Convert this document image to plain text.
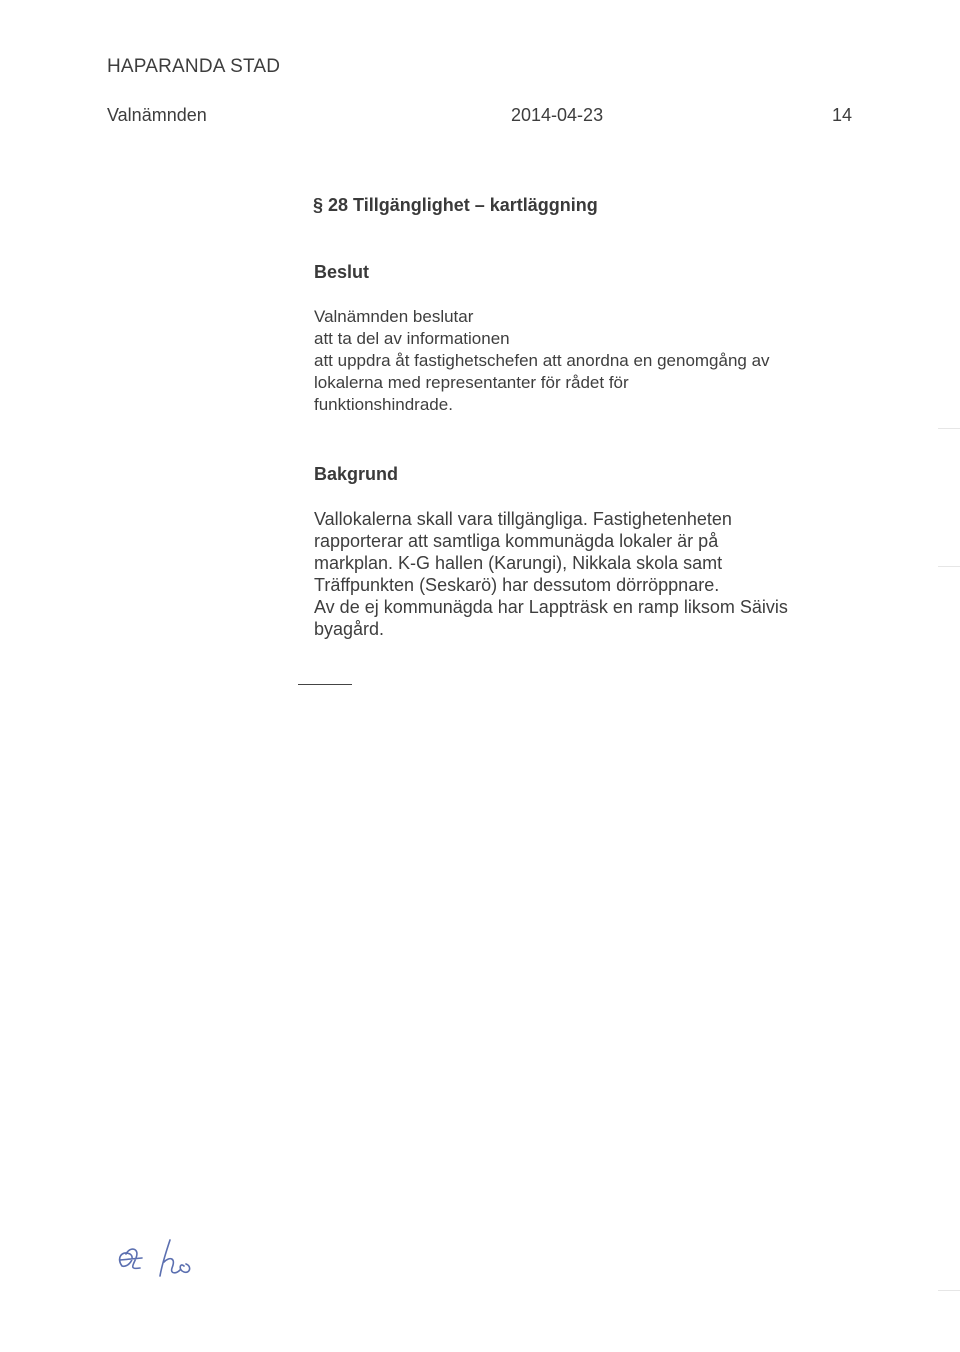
HAPARANDA STAD
Valnämnden	2014-04-23	14
§ 28 Tillgänglighet – kartläggning
Beslut
Valnämnden beslutar
att ta del av informationen
att uppdra åt fastighetschefen att anordna en genomgång av
lokalerna med representanter för rådet för
funktionshindrade.
Bakgrund
Vallokalerna skall vara tillgängliga. Fastighetenheten
rapporterar att samtliga kommunägda lokaler är på
markplan. K-G hallen (Karungi), Nikkala skola samt
Träffpunkten (Seskarö) har dessutom dörröppnare.
Av de ej kommunägda har Lappträsk en ramp liksom Säivis
byagård.
